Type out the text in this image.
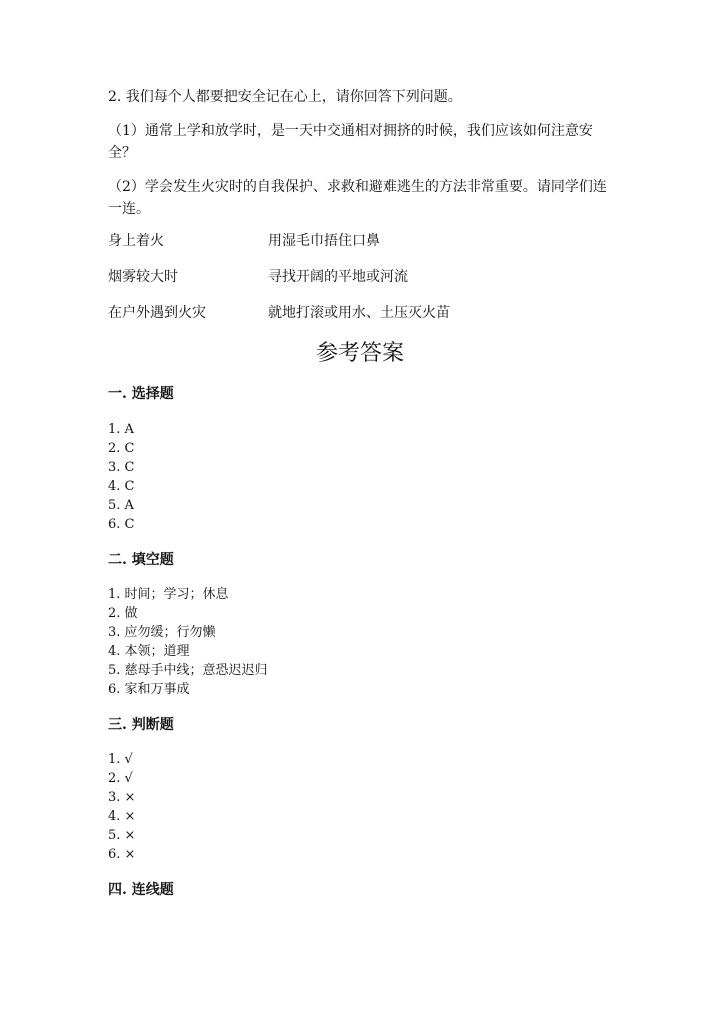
2. 我们每个人都要把安全记在心上，请你回答下列问题。

（1）通常上学和放学时，是一天中交通相对拥挤的时候，我们应该如何注意安全？

（2）学会发生火灾时的自我保护、求救和避难逃生的方法非常重要。请同学们连一连。

身上着火	用湿毛巾捂住口鼻
烟雾较大时	寻找开阔的平地或河流
在户外遇到火灾	就地打滚或用水、土压灭火苗
参考答案
一. 选择题
1. A
2. C
3. C
4. C
5. A
6. C
二. 填空题
1. 时间；学习；休息
2. 做
3. 应勿缓；行勿懒
4. 本领；道理
5. 慈母手中线；意恐迟迟归
6. 家和万事成
三. 判断题
1. √
2. √
3. ×
4. ×
5. ×
6. ×
四. 连线题
